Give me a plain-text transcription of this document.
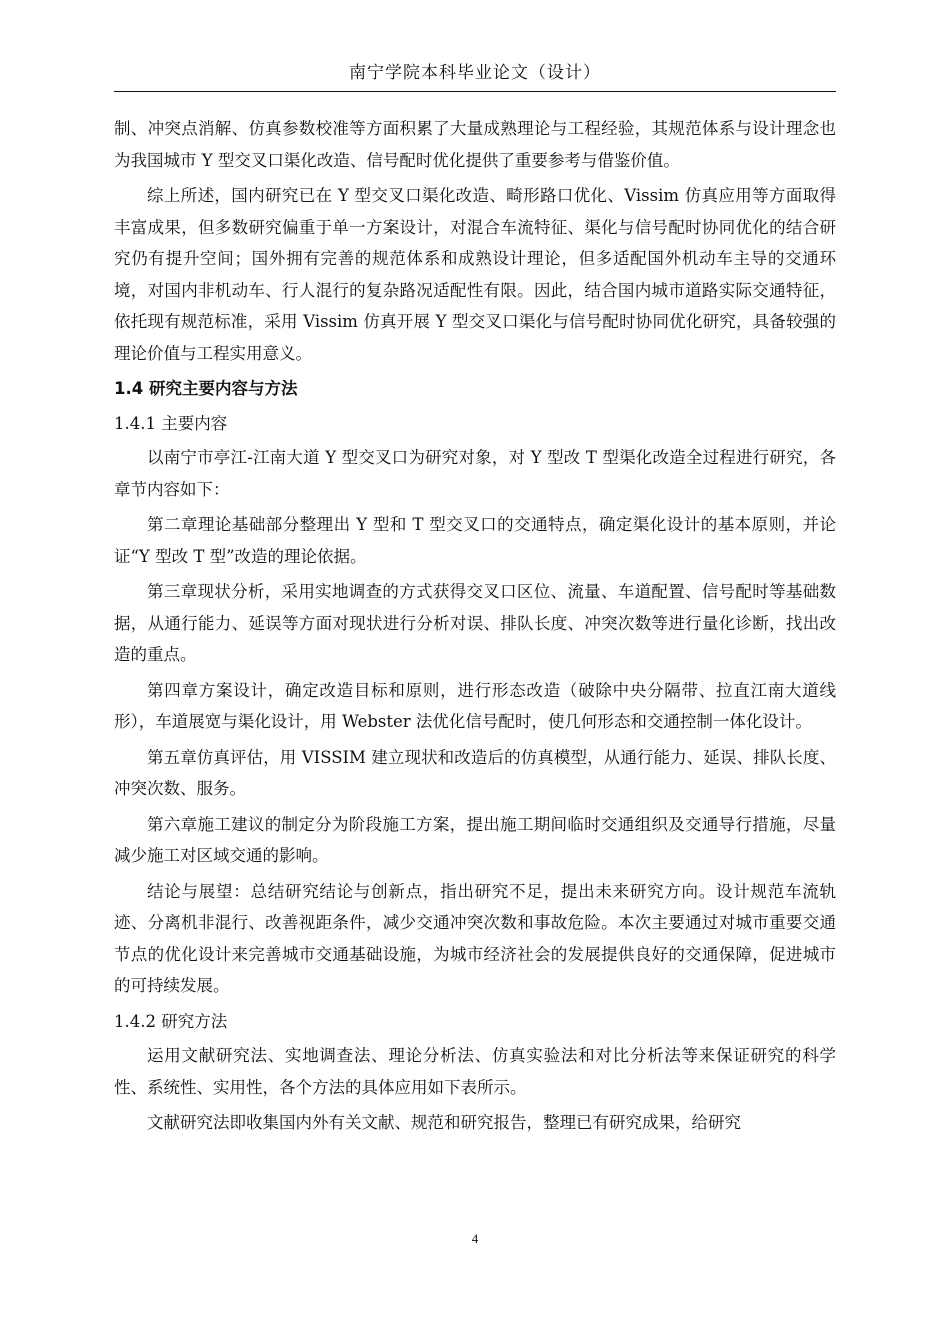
南宁学院本科毕业论文（设计）

制、冲突点消解、仿真参数校准等方面积累了大量成熟理论与工程经验，其规范体系与设计理念也为我国城市 Y 型交叉口渠化改造、信号配时优化提供了重要参考与借鉴价值。

综上所述，国内研究已在 Y 型交叉口渠化改造、畸形路口优化、Vissim 仿真应用等方面取得丰富成果，但多数研究偏重于单一方案设计，对混合车流特征、渠化与信号配时协同优化的结合研究仍有提升空间；国外拥有完善的规范体系和成熟设计理论，但多适配国外机动车主导的交通环境，对国内非机动车、行人混行的复杂路况适配性有限。因此，结合国内城市道路实际交通特征，依托现有规范标准，采用 Vissim 仿真开展 Y 型交叉口渠化与信号配时协同优化研究，具备较强的理论价值与工程实用意义。

1.4 研究主要内容与方法
1.4.1 主要内容

以南宁市亭江-江南大道 Y 型交叉口为研究对象，对 Y 型改 T 型渠化改造全过程进行研究，各章节内容如下：

第二章理论基础部分整理出 Y 型和 T 型交叉口的交通特点，确定渠化设计的基本原则，并论证“Y 型改 T 型”改造的理论依据。

第三章现状分析，采用实地调查的方式获得交叉口区位、流量、车道配置、信号配时等基础数据，从通行能力、延误等方面对现状进行分析对误、排队长度、冲突次数等进行量化诊断，找出改造的重点。

第四章方案设计，确定改造目标和原则，进行形态改造（破除中央分隔带、拉直江南大道线形），车道展宽与渠化设计，用 Webster 法优化信号配时，使几何形态和交通控制一体化设计。

第五章仿真评估，用 VISSIM 建立现状和改造后的仿真模型，从通行能力、延误、排队长度、冲突次数、服务。

第六章施工建议的制定分为阶段施工方案，提出施工期间临时交通组织及交通导行措施，尽量减少施工对区域交通的影响。

结论与展望：总结研究结论与创新点，指出研究不足，提出未来研究方向。设计规范车流轨迹、分离机非混行、改善视距条件，减少交通冲突次数和事故危险。本次主要通过对城市重要交通节点的优化设计来完善城市交通基础设施，为城市经济社会的发展提供良好的交通保障，促进城市的可持续发展。

1.4.2 研究方法

运用文献研究法、实地调查法、理论分析法、仿真实验法和对比分析法等来保证研究的科学性、系统性、实用性，各个方法的具体应用如下表所示。

文献研究法即收集国内外有关文献、规范和研究报告，整理已有研究成果，给研究

4
